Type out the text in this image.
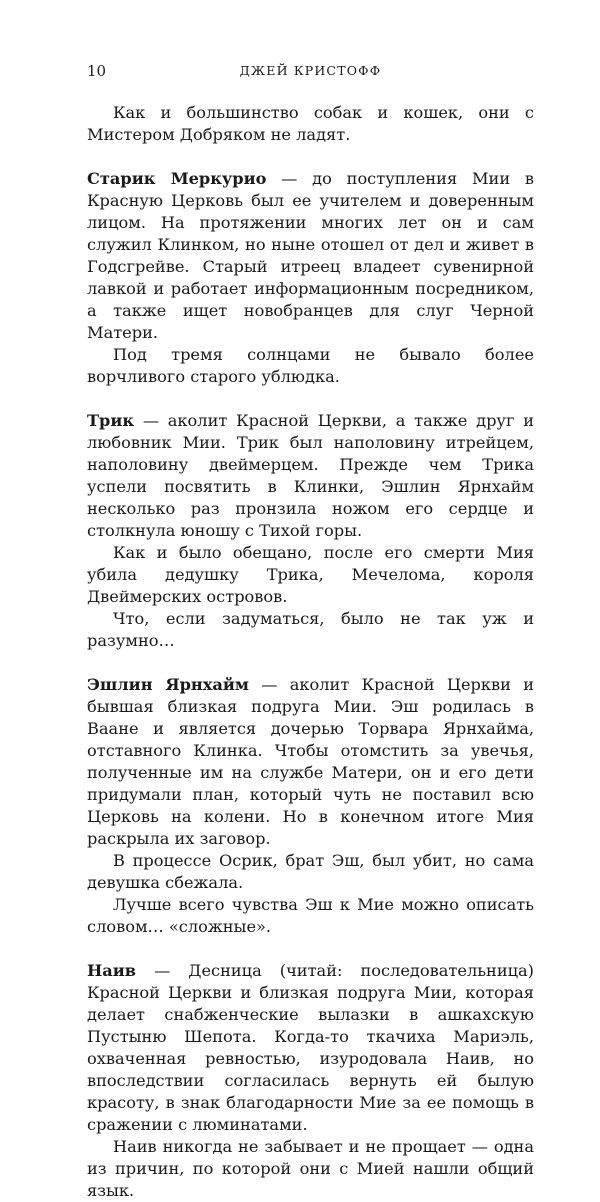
10	ДЖЕЙ КРИСТОФФ

Как и большинство собак и кошек, они с Мистером Добряком не ладят.

Старик Меркурио — до поступления Мии в Красную Церковь был ее учителем и доверенным лицом. На протяжении многих лет он и сам служил Клинком, но ныне отошел от дел и живет в Годсгрейве. Старый итреец владеет сувенирной лавкой и работает информационным посредником, а также ищет новобранцев для слуг Черной Матери.

Под тремя солнцами не бывало более ворчливого старого ублюдка.

Трик — аколит Красной Церкви, а также друг и любовник Мии. Трик был наполовину итрейцем, наполовину двеймерцем. Прежде чем Трика успели посвятить в Клинки, Эшлин Ярнхайм несколько раз пронзила ножом его сердце и столкнула юношу с Тихой горы.

Как и было обещано, после его смерти Мия убила дедушку Трика, Мечелома, короля Двеймерских островов.

Что, если задуматься, было не так уж и разумно…

Эшлин Ярнхайм — аколит Красной Церкви и бывшая близкая подруга Мии. Эш родилась в Ваане и является дочерью Торвара Ярнхайма, отставного Клинка. Чтобы отомстить за увечья, полученные им на службе Матери, он и его дети придумали план, который чуть не поставил всю Церковь на колени. Но в конечном итоге Мия раскрыла их заговор.

В процессе Осрик, брат Эш, был убит, но сама девушка сбежала.

Лучше всего чувства Эш к Мие можно описать словом… «сложные».

Наив — Десница (читай: последовательница) Красной Церкви и близкая подруга Мии, которая делает снабженческие вылазки в ашкахскую Пустыню Шепота. Когда-то ткачиха Мариэль, охваченная ревностью, изуродовала Наив, но впоследствии согласилась вернуть ей былую красоту, в знак благодарности Мие за ее помощь в сражении с люминатами.

Наив никогда не забывает и не прощает — одна из причин, по которой они с Мией нашли общий язык.
